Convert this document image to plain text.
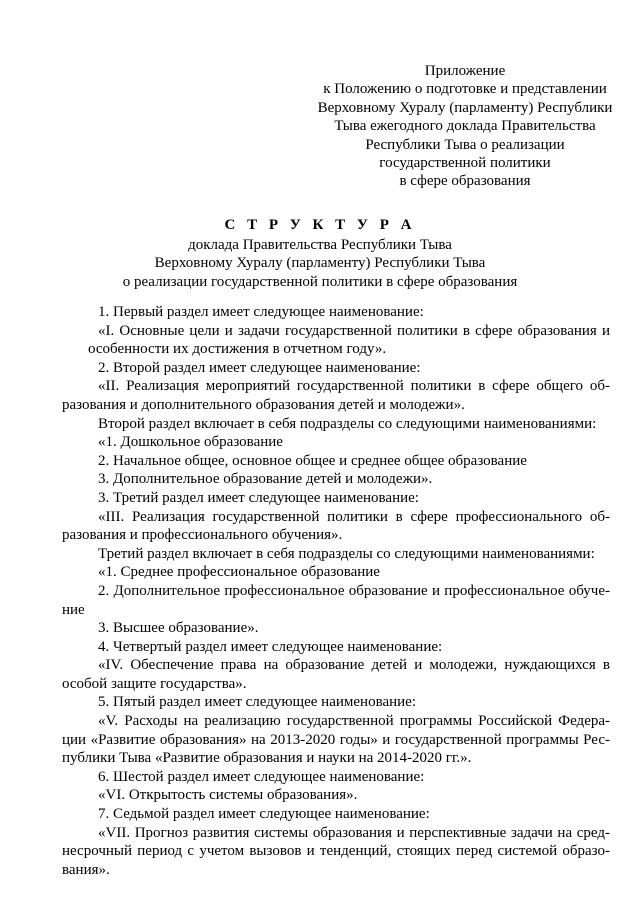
Приложение
к Положению о подготовке и представлении
Верховному Хуралу (парламенту) Республики
Тыва ежегодного доклада Правительства
Республики Тыва о реализации
государственной политики
в сфере образования
С Т Р У К Т У Р А
доклада Правительства Республики Тыва
Верховному Хуралу (парламенту) Республики Тыва
о реализации государственной политики в сфере образования
1. Первый раздел имеет следующее наименование:
«I. Основные цели и задачи государственной политики в сфере образования и
особенности их достижения в отчетном году».
2. Второй раздел имеет следующее наименование:
«II. Реализация мероприятий государственной политики в сфере общего об-
разования и дополнительного образования детей и молодежи».
Второй раздел включает в себя подразделы со следующими наименованиями:
«1. Дошкольное образование
2. Начальное общее, основное общее и среднее общее образование
3. Дополнительное образование детей и молодежи».
3. Третий раздел имеет следующее наименование:
«III. Реализация государственной политики в сфере профессионального об-
разования и профессионального обучения».
Третий раздел включает в себя подразделы со следующими наименованиями:
«1. Среднее профессиональное образование
2. Дополнительное профессиональное образование и профессиональное обуче-
ние
3. Высшее образование».
4. Четвертый раздел имеет следующее наименование:
«IV. Обеспечение права на образование детей и молодежи, нуждающихся в
особой защите государства».
5. Пятый раздел имеет следующее наименование:
«V. Расходы на реализацию государственной программы Российской Федера-
ции «Развитие образования» на 2013-2020 годы» и государственной программы Рес-
публики Тыва «Развитие образования и науки на 2014-2020 гг.».
6. Шестой раздел имеет следующее наименование:
«VI. Открытость системы образования».
7. Седьмой раздел имеет следующее наименование:
«VII. Прогноз развития системы образования и перспективные задачи на сред-
несрочный период с учетом вызовов и тенденций, стоящих перед системой образо-
вания».
